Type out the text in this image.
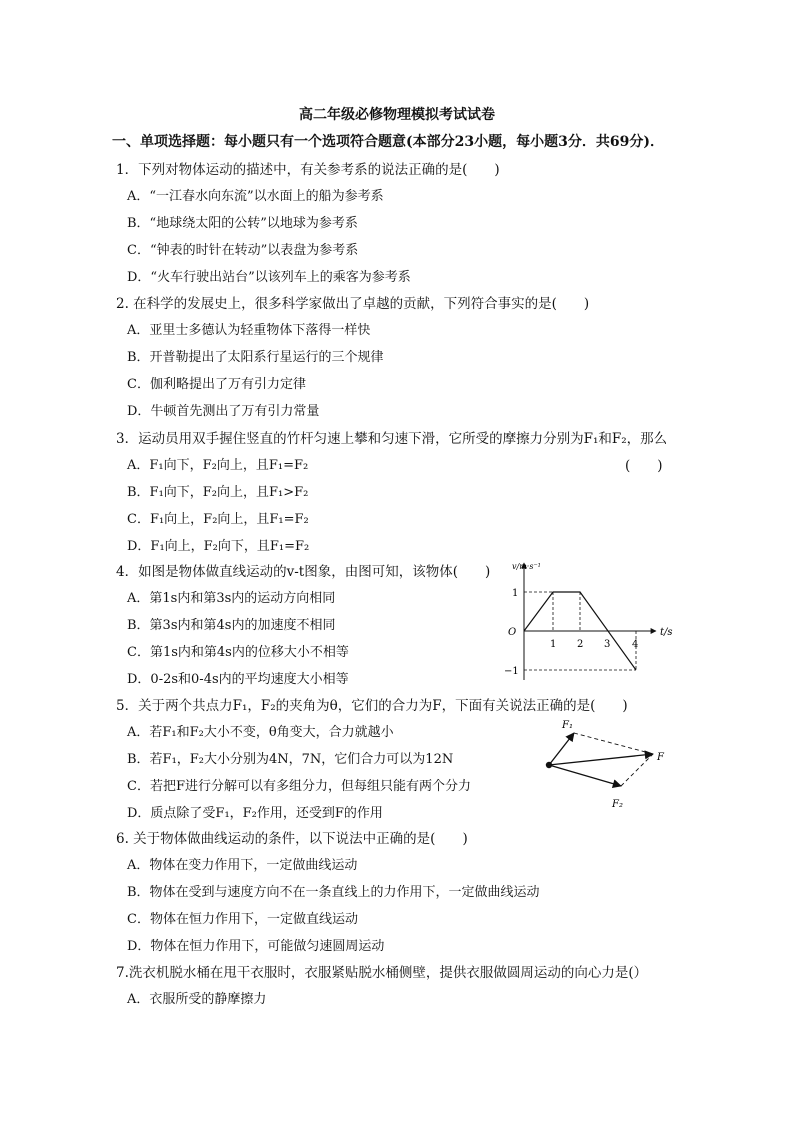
高二年级必修物理模拟考试试卷
一、单项选择题：每小题只有一个选项符合题意(本部分23小题，每小题3分．共69分)．
1．下列对物体运动的描述中，有关参考系的说法正确的是(　　)
A．“一江春水向东流”以水面上的船为参考系
B．“地球绕太阳的公转”以地球为参考系
C．“钟表的时针在转动”以表盘为参考系
D．“火车行驶出站台”以该列车上的乘客为参考系
2. 在科学的发展史上，很多科学家做出了卓越的贡献，下列符合事实的是(　　)
A．亚里士多德认为轻重物体下落得一样快
B．开普勒提出了太阳系行星运行的三个规律
C．伽利略提出了万有引力定律
D．牛顿首先测出了万有引力常量
3．运动员用双手握住竖直的竹杆匀速上攀和匀速下滑，它所受的摩擦力分别为F₁和F₂，那么
A．F₁向下，F₂向上，且F₁=F₂	(　　)
B．F₁向下，F₂向上，且F₁>F₂
C．F₁向上，F₂向上，且F₁=F₂
D．F₁向上，F₂向下，且F₁=F₂
4．如图是物体做直线运动的v-t图象，由图可知，该物体(　　)
A．第1s内和第3s内的运动方向相同
B．第3s内和第4s内的加速度不相同
C．第1s内和第4s内的位移大小不相等
D．0-2s和0-4s内的平均速度大小相等
v/m·s⁻¹
t/s
O
1
−1
1 2 3 4
5．关于两个共点力F₁，F₂的夹角为θ，它们的合力为F，下面有关说法正确的是(　　)
A．若F₁和F₂大小不变，θ角变大，合力就越小
B．若F₁，F₂大小分别为4N，7N，它们合力可以为12N
C．若把F进行分解可以有多组分力，但每组只能有两个分力
D．质点除了受F₁，F₂作用，还受到F的作用
F₁
F
F₂
6. 关于物体做曲线运动的条件，以下说法中正确的是(　　)
A．物体在变力作用下，一定做曲线运动
B．物体在受到与速度方向不在一条直线上的力作用下，一定做曲线运动
C．物体在恒力作用下，一定做直线运动
D．物体在恒力作用下，可能做匀速圆周运动
7.洗衣机脱水桶在甩干衣服时，衣服紧贴脱水桶侧壁，提供衣服做圆周运动的向心力是(）
A．衣服所受的静摩擦力
